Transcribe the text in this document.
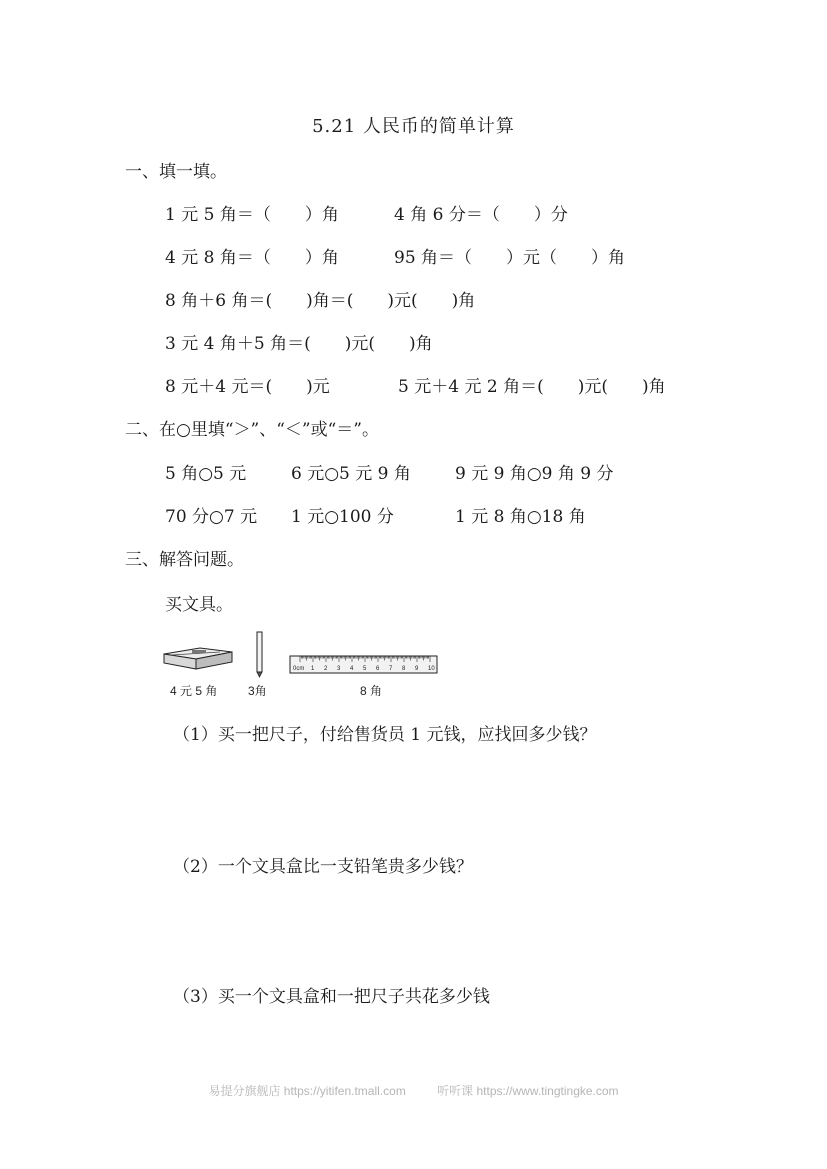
5.21 人民币的简单计算
一、填一填。
1 元 5 角＝（　　）角	4 角 6 分＝（　　）分
4 元 8 角＝（　　）角	95 角＝（　　）元（　　）角
8 角＋6 角＝(　　)角＝(　　)元(　　)角
3 元 4 角＋5 角＝(　　)元(　　)角
8 元＋4 元＝(　　)元	5 元＋4 元 2 角＝(　　)元(　　)角
二、在○里填“＞”、“＜”或“＝”。
5 角○5 元	6 元○5 元 9 角	9 元 9 角○9 角 9 分
70 分○7 元 1 元○100 分	1 元 8 角○18 角
三、解答问题。
买文具。
0cm 1 2 3 4 5 6 7 8 9 10
4 元 5 角	3角	8 角
（1）买一把尺子，付给售货员 1 元钱，应找回多少钱？
（2）一个文具盒比一支铅笔贵多少钱？
（3）买一个文具盒和一把尺子共花多少钱
易提分旗舰店 https://yitifen.tmall.com	听听课 https://www.tingtingke.com
